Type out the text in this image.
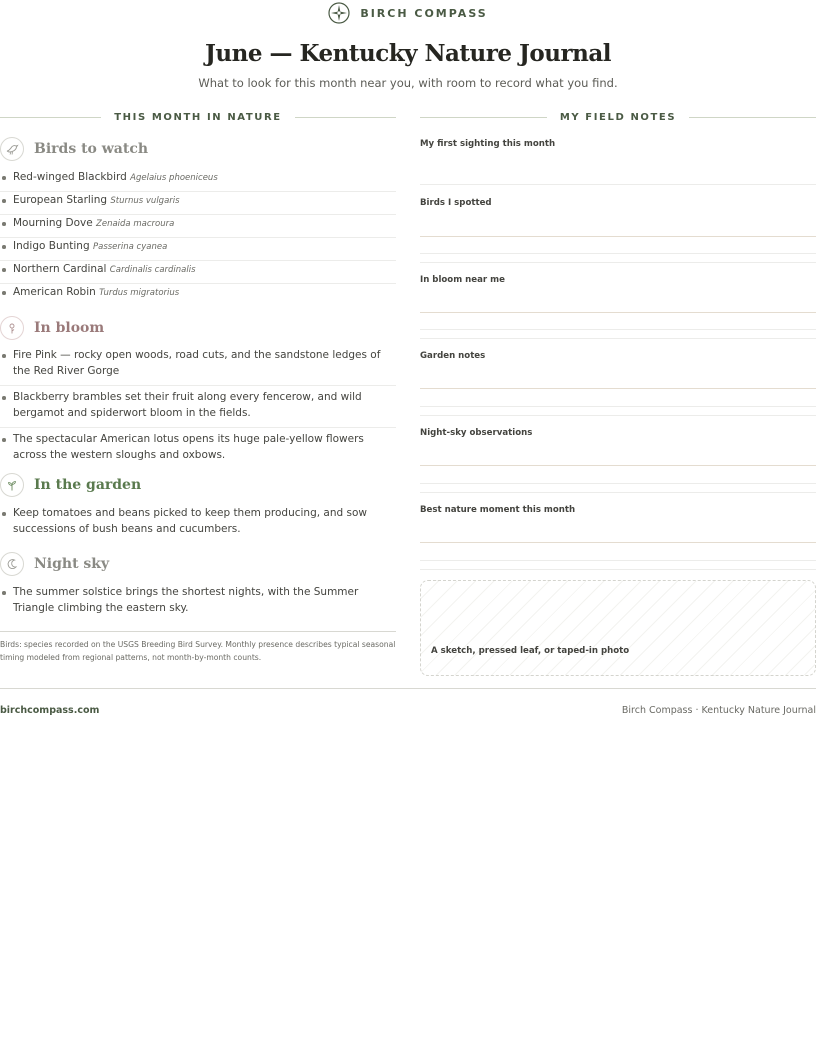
BIRCH COMPASS
June — Kentucky Nature Journal

What to look for this month near you, with room to record what you find.

THIS MONTH IN NATURE	MY FIELD NOTES
Birds to watch
Red-winged Blackbird Agelaius phoeniceus
European Starling Sturnus vulgaris
Mourning Dove Zenaida macroura
Indigo Bunting Passerina cyanea
Northern Cardinal Cardinalis cardinalis
American Robin Turdus migratorius
In bloom
Fire Pink — rocky open woods, road cuts, and the sandstone ledges of the Red River Gorge
Blackberry brambles set their fruit along every fencerow, and wild bergamot and spiderwort bloom in the fields.
The spectacular American lotus opens its huge pale-yellow flowers across the western sloughs and oxbows.
In the garden
Keep tomatoes and beans picked to keep them producing, and sow successions of bush beans and cucumbers.
Night sky
The summer solstice brings the shortest nights, with the Summer Triangle climbing the eastern sky.
Birds: species recorded on the USGS Breeding Bird Survey. Monthly presence describes typical seasonal timing modeled from regional patterns, not month-by-month counts.
My first sighting this month
Birds I spotted
In bloom near me
Garden notes
Night-sky observations
Best nature moment this month
A sketch, pressed leaf, or taped-in photo
birchcompass.com	Birch Compass · Kentucky Nature Journal
